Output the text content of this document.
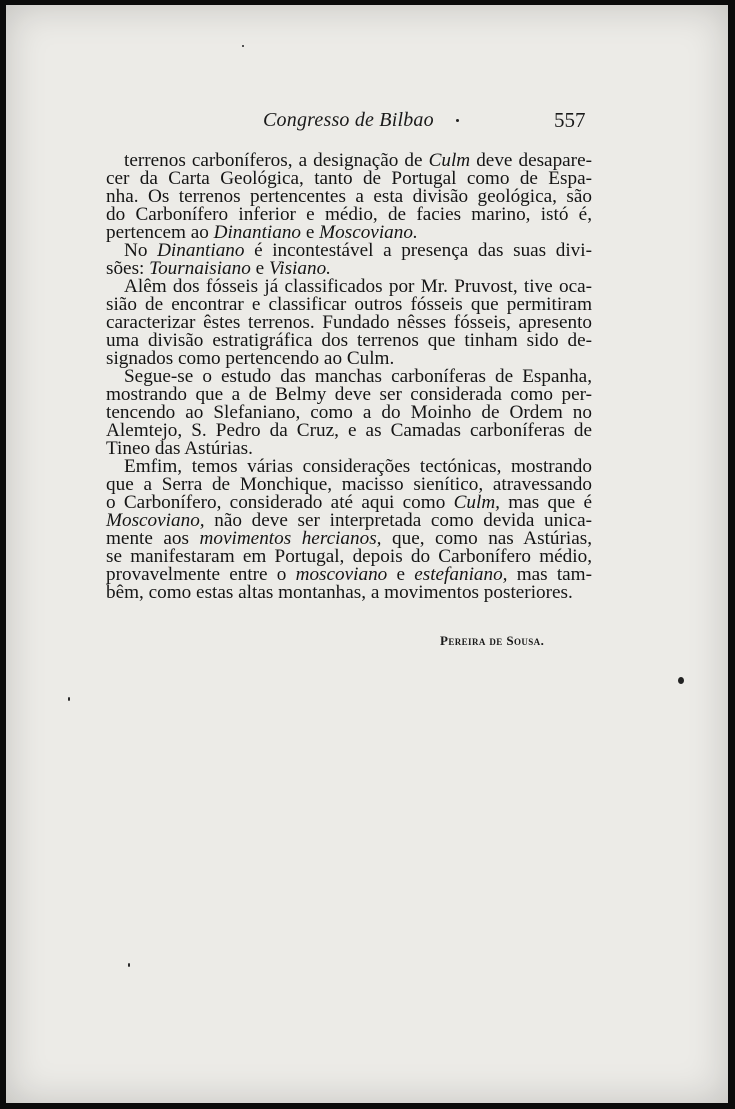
Congresso de Bilbao	557
terrenos carboníferos, a designação de Culm deve desapare-
cer da Carta Geológica, tanto de Portugal como de Espa-
nha. Os terrenos pertencentes a esta divisão geológica, são
do Carbonífero inferior e médio, de facies marino, istó é,
pertencem ao Dinantiano e Moscoviano.
No Dinantiano é incontestável a presença das suas divi-
sões: Tournaisiano e Visiano.
Alêm dos fósseis já classificados por Mr. Pruvost, tive oca-
sião de encontrar e classificar outros fósseis que permitiram
caracterizar êstes terrenos. Fundado nêsses fósseis, apresento
uma divisão estratigráfica dos terrenos que tinham sido de-
signados como pertencendo ao Culm.
Segue-se o estudo das manchas carboníferas de Espanha,
mostrando que a de Belmy deve ser considerada como per-
tencendo ao Slefaniano, como a do Moinho de Ordem no
Alemtejo, S. Pedro da Cruz, e as Camadas carboníferas de
Tineo das Astúrias.
Emfim, temos várias considerações tectónicas, mostrando
que a Serra de Monchique, macisso sienítico, atravessando
o Carbonífero, considerado até aqui como Culm, mas que é
Moscoviano, não deve ser interpretada como devida unica-
mente aos movimentos hercianos, que, como nas Astúrias,
se manifestaram em Portugal, depois do Carbonífero médio,
provavelmente entre o moscoviano e estefaniano, mas tam-
bêm, como estas altas montanhas, a movimentos posteriores.
Pereira de Sousa.
